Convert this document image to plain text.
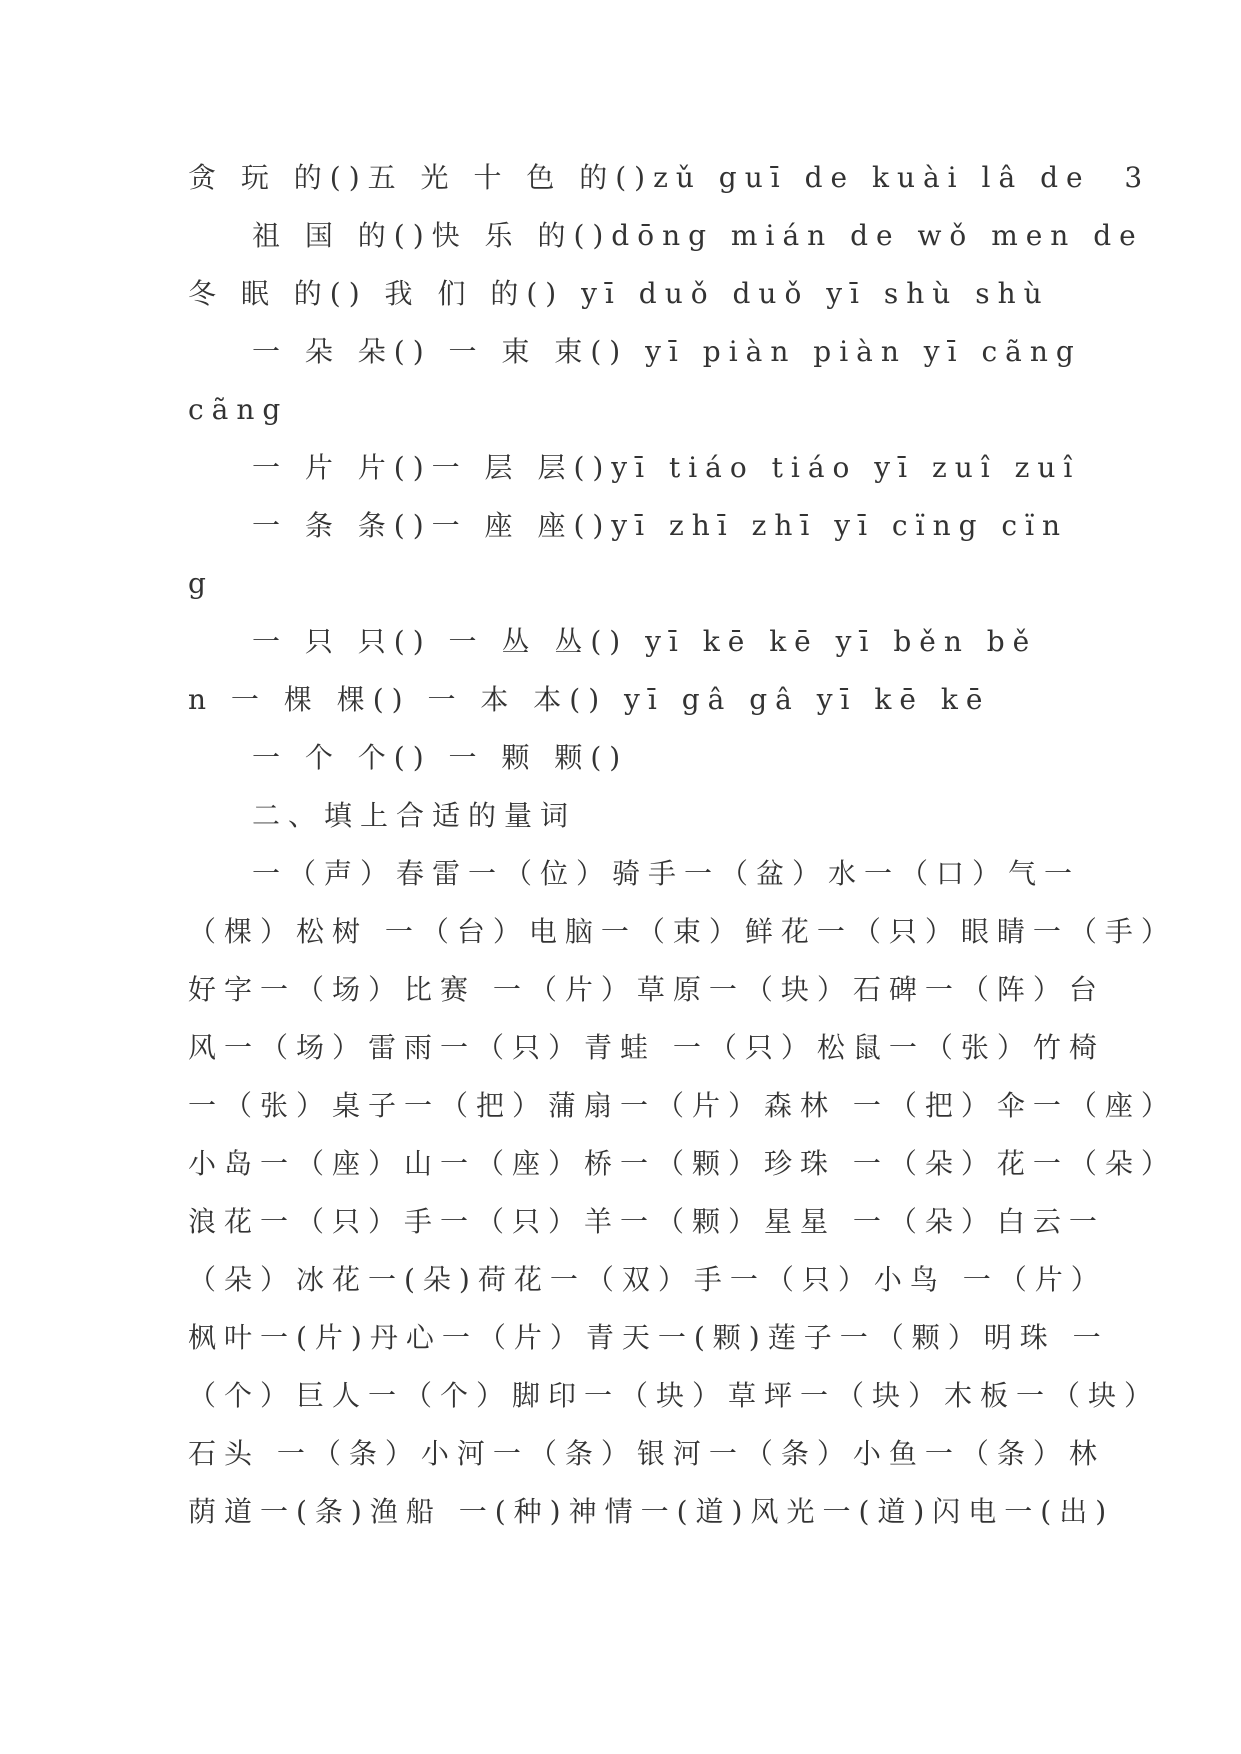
贪 玩 的()五 光 十 色 的()zǔ guī de kuài lâ de  3
祖 国 的()快 乐 的()dōng mián de wǒ men de
冬 眠 的() 我 们 的() yī duǒ duǒ yī shù shù
一 朵 朵() 一 束 束() yī piàn piàn yī cãng
cãng
一 片 片()一 层 层()yī tiáo tiáo yī zuî zuî
一 条 条()一 座 座()yī zhī zhī yī cïng cïn
g
一 只 只() 一 丛 丛() yī kē kē yī běn bě
n 一 棵 棵() 一 本 本() yī gâ gâ yī kē kē
一 个 个() 一 颗 颗()
二、填上合适的量词
一（声）春雷一（位）骑手一（盆）水一（口）气一
（棵）松树 一（台）电脑一（束）鲜花一（只）眼睛一（手）
好字一（场）比赛 一（片）草原一（块）石碑一（阵）台
风一（场）雷雨一（只）青蛙 一（只）松鼠一（张）竹椅
一（张）桌子一（把）蒲扇一（片）森林 一（把）伞一（座）
小岛一（座）山一（座）桥一（颗）珍珠 一（朵）花一（朵）
浪花一（只）手一（只）羊一（颗）星星 一（朵）白云一
（朵）冰花一(朵)荷花一（双）手一（只）小鸟 一（片）
枫叶一(片)丹心一（片）青天一(颗)莲子一（颗）明珠 一
（个）巨人一（个）脚印一（块）草坪一（块）木板一（块）
石头 一（条）小河一（条）银河一（条）小鱼一（条）林
荫道一(条)渔船 一(种)神情一(道)风光一(道)闪电一(出)
